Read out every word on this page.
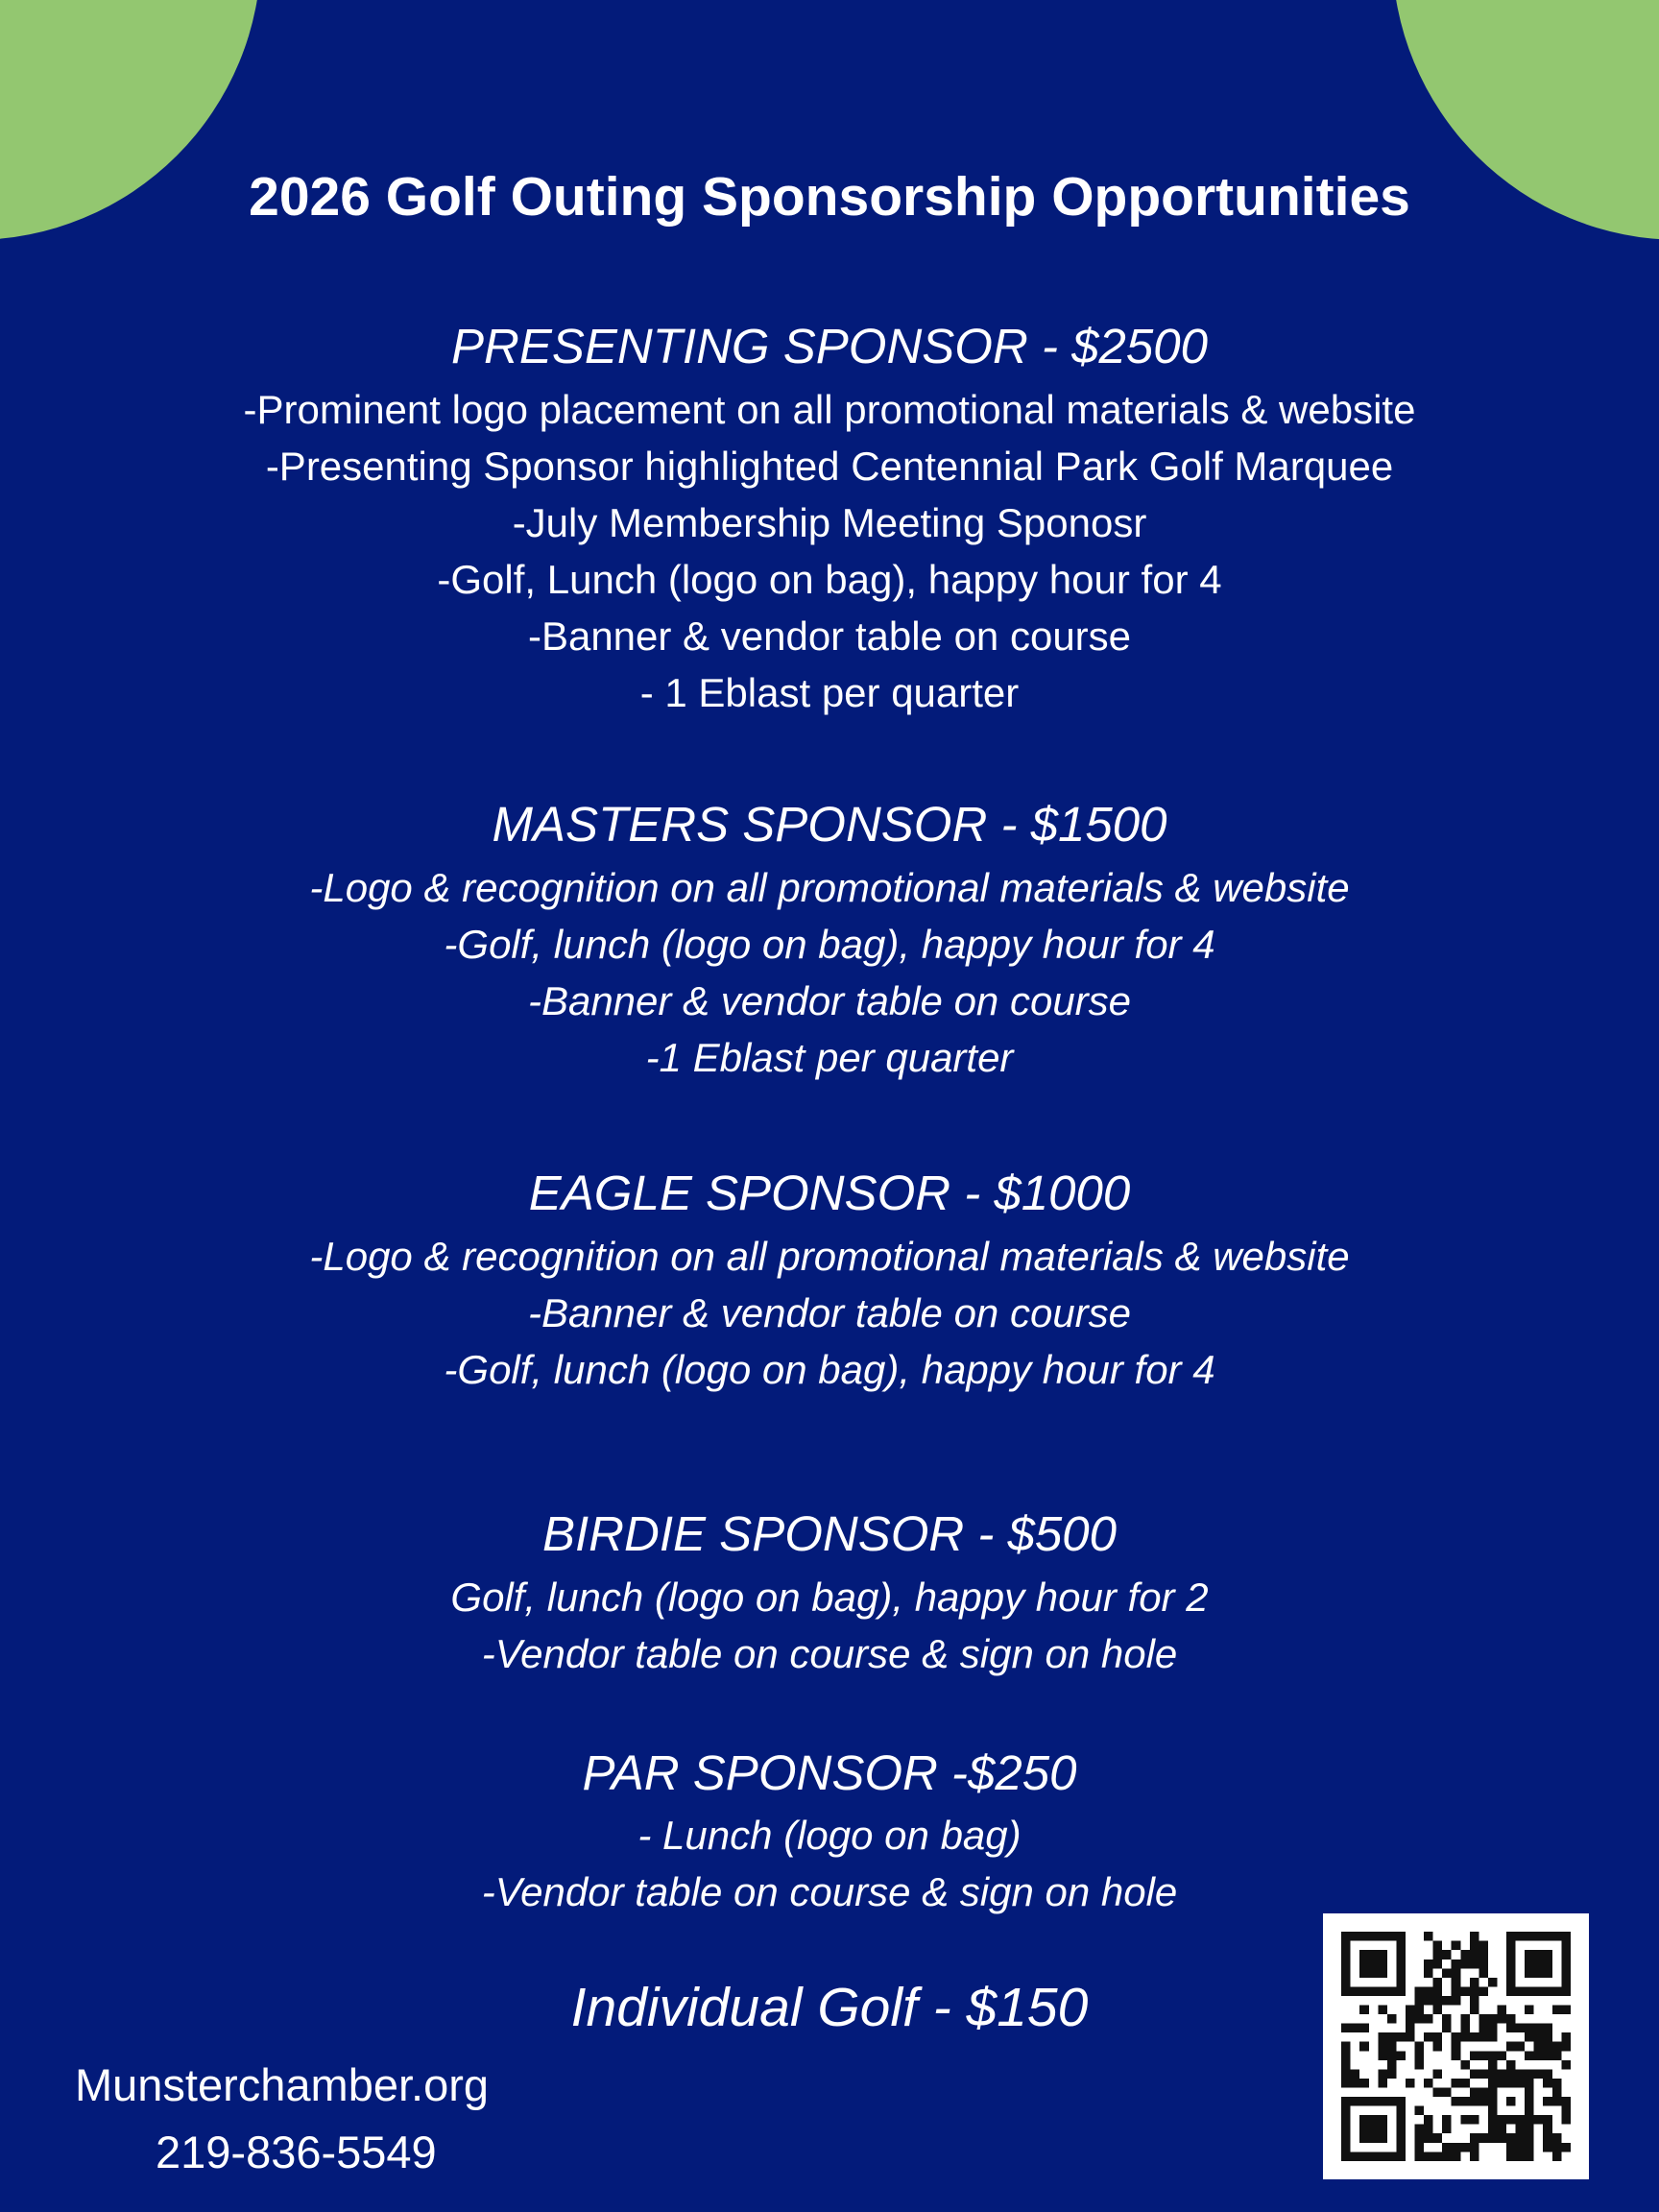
2026 Golf Outing Sponsorship Opportunities
PRESENTING SPONSOR - $2500
-Prominent logo placement on all promotional materials & website
-Presenting Sponsor highlighted Centennial Park Golf Marquee
-July Membership Meeting Sponosr
-Golf, Lunch (logo on bag), happy hour for 4
-Banner & vendor table on course
- 1 Eblast per quarter
MASTERS SPONSOR - $1500
-Logo & recognition on all promotional materials & website
-Golf, lunch (logo on bag), happy hour for 4
-Banner & vendor table on course
-1 Eblast per quarter
EAGLE SPONSOR - $1000
-Logo & recognition on all promotional materials & website
-Banner & vendor table on course
-Golf, lunch (logo on bag), happy hour for 4
BIRDIE SPONSOR - $500
Golf, lunch (logo on bag), happy hour for 2
-Vendor table on course & sign on hole
PAR SPONSOR -$250
- Lunch (logo on bag)
-Vendor table on course & sign on hole
Individual Golf - $150
Munsterchamber.org
219-836-5549
